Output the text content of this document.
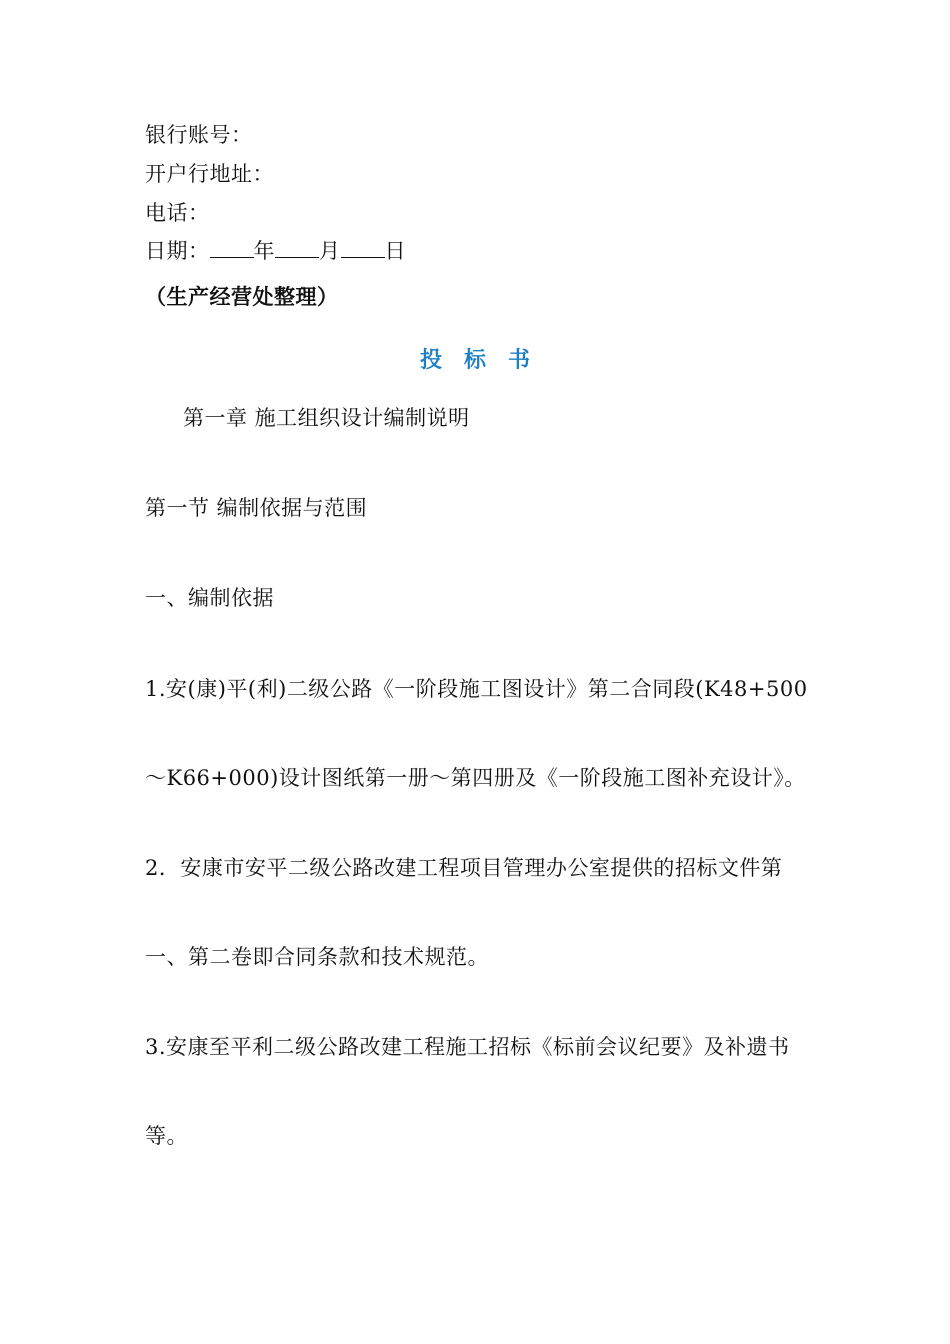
银行账号：
开户行地址：
电话：
日期： 年 月 日
（生产经营处整理）
投标书
第一章 施工组织设计编制说明
第一节 编制依据与范围
一、编制依据
1.安(康)平(利)二级公路《一阶段施工图设计》第二合同段(K48+500
～K66+000)设计图纸第一册～第四册及《一阶段施工图补充设计》。
2．安康市安平二级公路改建工程项目管理办公室提供的招标文件第
一、第二卷即合同条款和技术规范。
3.安康至平利二级公路改建工程施工招标《标前会议纪要》及补遗书
等。
